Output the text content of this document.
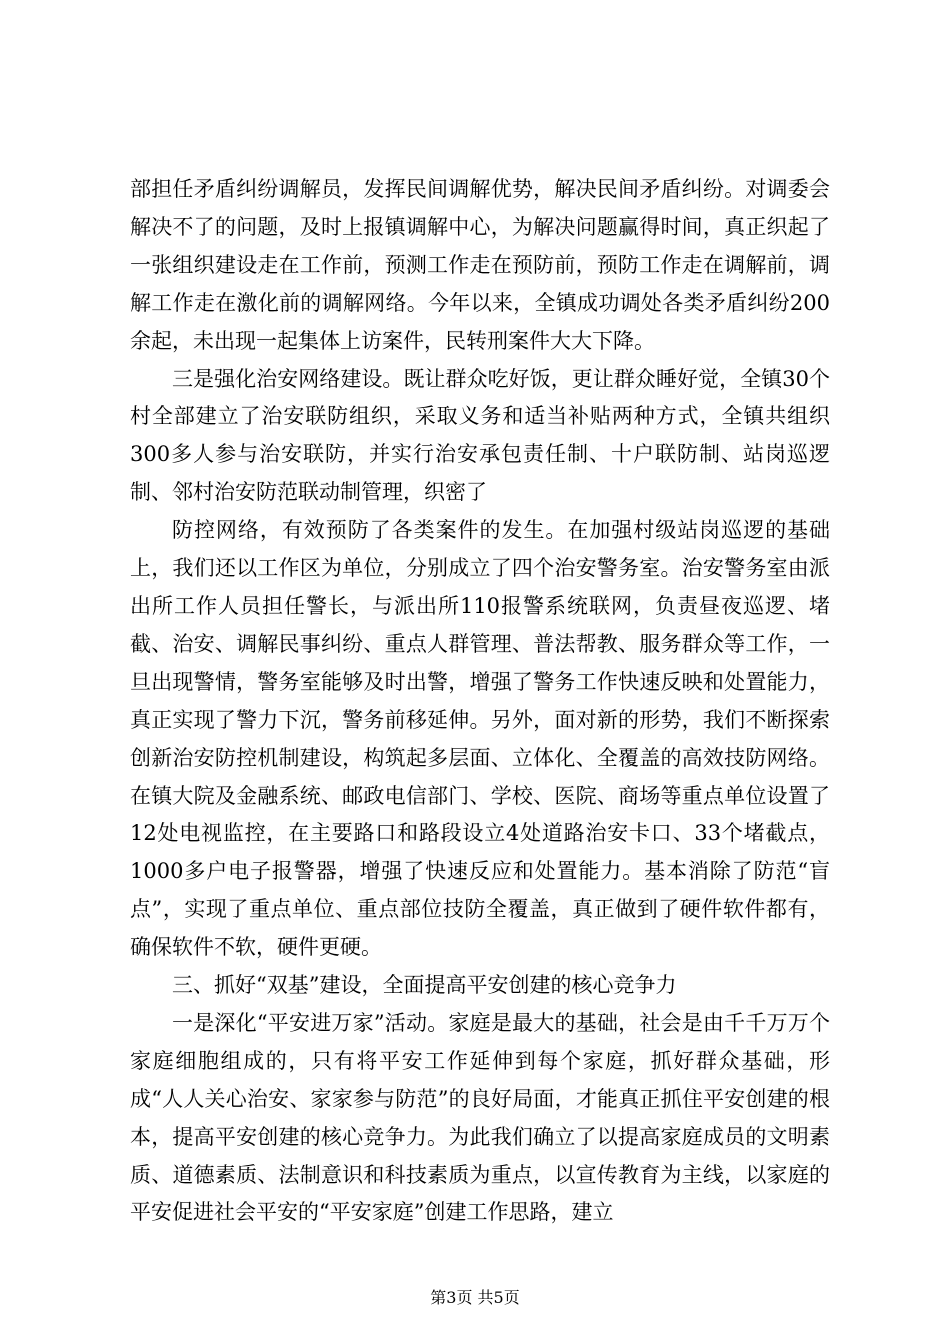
部担任矛盾纠纷调解员，发挥民间调解优势，解决民间矛盾纠纷。对调委会解决不了的问题，及时上报镇调解中心，为解决问题赢得时间，真正织起了一张组织建设走在工作前，预测工作走在预防前，预防工作走在调解前，调解工作走在激化前的调解网络。今年以来，全镇成功调处各类矛盾纠纷200余起，未出现一起集体上访案件，民转刑案件大大下降。

三是强化治安网络建设。既让群众吃好饭，更让群众睡好觉，全镇30个村全部建立了治安联防组织，采取义务和适当补贴两种方式，全镇共组织300多人参与治安联防，并实行治安承包责任制、十户联防制、站岗巡逻制、邻村治安防范联动制管理，织密了

防控网络，有效预防了各类案件的发生。在加强村级站岗巡逻的基础上，我们还以工作区为单位，分别成立了四个治安警务室。治安警务室由派出所工作人员担任警长，与派出所110报警系统联网，负责昼夜巡逻、堵截、治安、调解民事纠纷、重点人群管理、普法帮教、服务群众等工作，一旦出现警情，警务室能够及时出警，增强了警务工作快速反映和处置能力，真正实现了警力下沉，警务前移延伸。另外，面对新的形势，我们不断探索创新治安防控机制建设，构筑起多层面、立体化、全覆盖的高效技防网络。在镇大院及金融系统、邮政电信部门、学校、医院、商场等重点单位设置了12处电视监控，在主要路口和路段设立4处道路治安卡口、33个堵截点，1000多户电子报警器，增强了快速反应和处置能力。基本消除了防范“盲点”，实现了重点单位、重点部位技防全覆盖，真正做到了硬件软件都有，确保软件不软，硬件更硬。

三、抓好“双基”建设，全面提高平安创建的核心竞争力

一是深化“平安进万家”活动。家庭是最大的基础，社会是由千千万万个家庭细胞组成的，只有将平安工作延伸到每个家庭，抓好群众基础，形成“人人关心治安、家家参与防范”的良好局面，才能真正抓住平安创建的根本，提高平安创建的核心竞争力。为此我们确立了以提高家庭成员的文明素质、道德素质、法制意识和科技素质为重点，以宣传教育为主线，以家庭的平安促进社会平安的“平安家庭”创建工作思路，建立

第3页 共5页
